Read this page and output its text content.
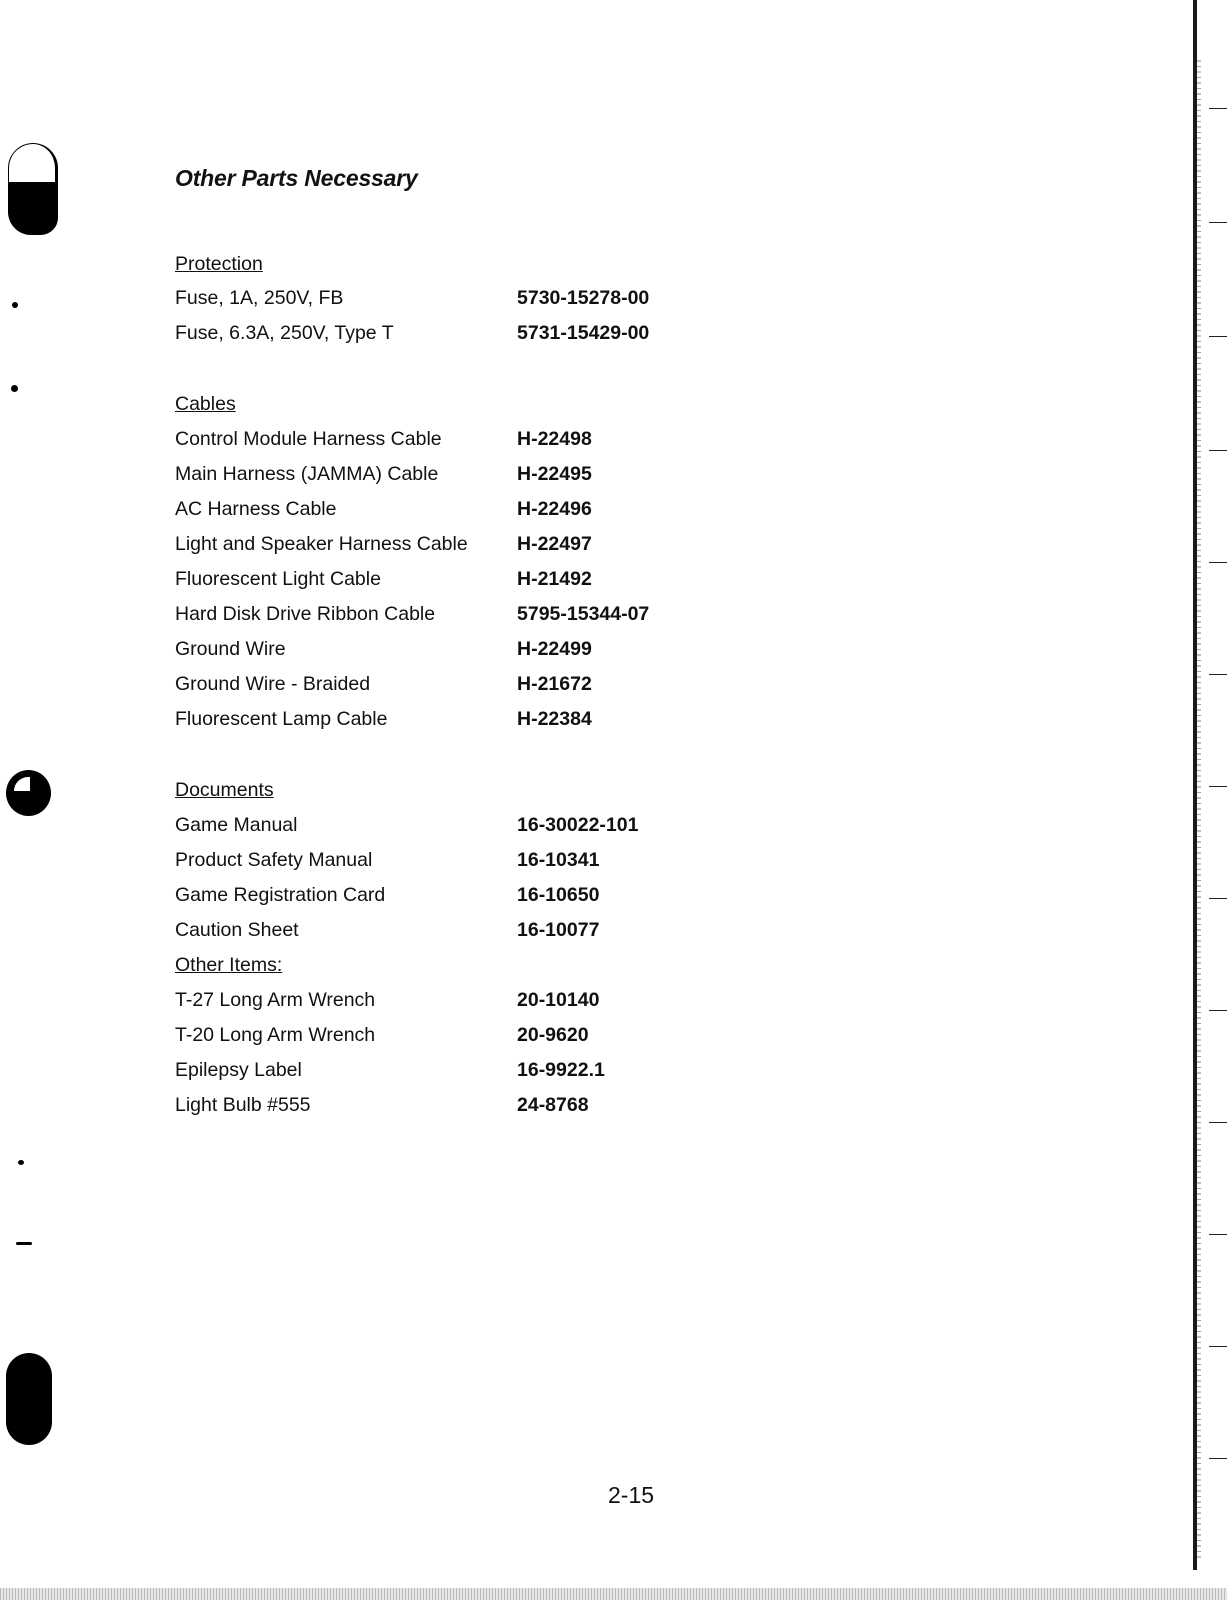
Other Parts Necessary
Protection
Fuse, 1A, 250V, FB	5730-15278-00
Fuse, 6.3A, 250V, Type T	5731-15429-00
Cables
Control Module Harness Cable	H-22498
Main Harness (JAMMA) Cable	H-22495
AC Harness Cable	H-22496
Light and Speaker Harness Cable	H-22497
Fluorescent Light Cable	H-21492
Hard Disk Drive Ribbon Cable	5795-15344-07
Ground Wire	H-22499
Ground Wire - Braided	H-21672
Fluorescent Lamp Cable	H-22384
Documents
Game Manual	16-30022-101
Product Safety Manual	16-10341
Game Registration Card	16-10650
Caution Sheet	16-10077
Other Items:
T-27 Long Arm Wrench	20-10140
T-20 Long Arm Wrench	20-9620
Epilepsy Label	16-9922.1
Light Bulb #555	24-8768
2-15
